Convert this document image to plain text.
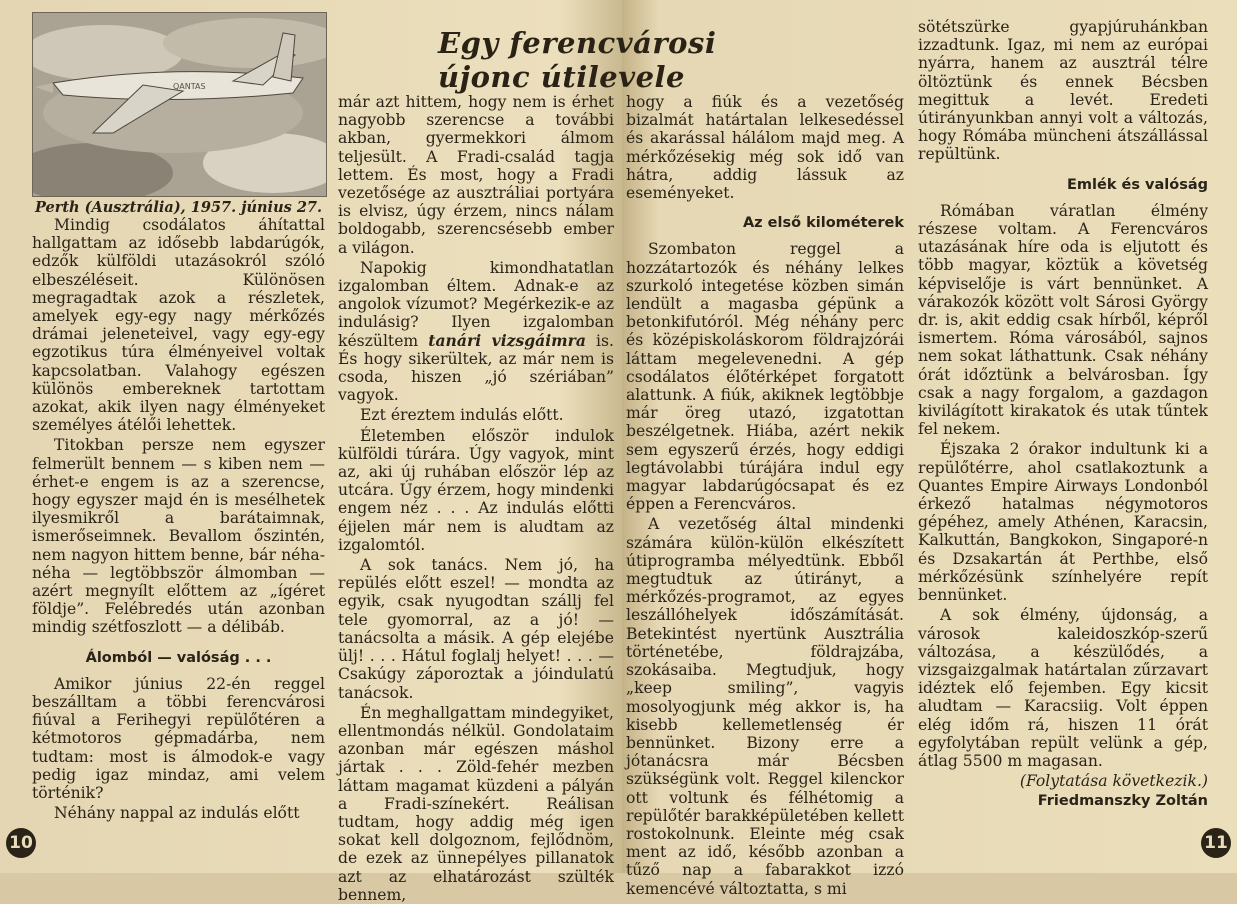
QANTAS
Perth (Ausztrália), 1957. június 27.
Egy ferencvárosi újonc útilevele

Mindig csodálatos áhítattal hallgattam az idősebb labdarúgók, edzők külföldi utazásokról szóló elbeszéléseit. Különösen megragadtak azok a részletek, amelyek egy-egy nagy mérkőzés drámai jeleneteivel, vagy egy-egy egzotikus túra élményeivel voltak kapcsolatban. Valahogy egészen különös embereknek tartottam azokat, akik ilyen nagy élményeket személyes átélői lehettek.

Titokban persze nem egyszer felmerült bennem — s kiben nem — érhet-e engem is az a szerencse, hogy egyszer majd én is mesélhetek ilyesmikről a barátaimnak, ismerőseimnek. Bevallom őszintén, nem nagyon hittem benne, bár néha-néha — legtöbbször álmomban — azért megnyílt előttem az „ígéret földje”. Felébredés után azonban mindig szétfoszlott — a délibáb.

Álomból — valóság . . .

Amikor június 22-én reggel beszálltam a többi ferencvárosi fiúval a Ferihegyi repülőtéren a kétmotoros gépmadárba, nem tudtam: most is álmodok-e vagy pedig igaz mindaz, ami velem történik?

Néhány nappal az indulás előtt

már azt hittem, hogy nem is érhet nagyobb szerencse a további akban, gyermekkori álmom teljesült. A Fradi-család tagja lettem. És most, hogy a Fradi vezetősége az ausztráliai portyára is elvisz, úgy érzem, nincs nálam boldogabb, szerencsésebb ember a világon.

Napokig kimondhatatlan izgalomban éltem. Adnak-e az angolok vízumot? Megérkezik-e az indulásig? Ilyen izgalomban készültem tanári vizsgáimra is. És hogy sikerültek, az már nem is csoda, hiszen „jó szériában” vagyok.

Ezt éreztem indulás előtt.

Életemben először indulok külföldi túrára. Úgy vagyok, mint az, aki új ruhában először lép az utcára. Úgy érzem, hogy mindenki engem néz . . . Az indulás előtti éjjelen már nem is aludtam az izgalomtól.

A sok tanács. Nem jó, ha repülés előtt eszel! — mondta az egyik, csak nyugodtan szállj fel tele gyomorral, az a jó! — tanácsolta a másik. A gép elejébe ülj! . . . Hátul foglalj helyet! . . . — Csakúgy záporoztak a jóindulatú tanácsok.

Én meghallgattam mindegyiket, ellentmondás nélkül. Gondolataim azonban már egészen máshol jártak . . . Zöld-fehér mezben láttam magamat küzdeni a pályán a Fradi-színekért. Reálisan tudtam, hogy addig még igen sokat kell dolgoznom, fejlődnöm, de ezek az ünnepélyes pillanatok azt az elhatározást szülték bennem,

hogy a fiúk és a vezetőség bizalmát határtalan lelkesedéssel és akarással hálálom majd meg. A mérkőzésekig még sok idő van hátra, addig lássuk az eseményeket.

Az első kilométerek

Szombaton reggel a hozzátartozók és néhány lelkes szurkoló integetése közben simán lendült a magasba gépünk a betonkifutóról. Még néhány perc és középiskoláskorom földrajzórái láttam megelevenedni. A gép csodálatos élőtérképet forgatott alattunk. A fiúk, akiknek legtöbbje már öreg utazó, izgatottan beszélgetnek. Hiába, azért nekik sem egyszerű érzés, hogy eddigi legtávolabbi túrájára indul egy magyar labdarúgócsapat és ez éppen a Ferencváros.

A vezetőség által mindenki számára külön-külön elkészített útiprogramba mélyedtünk. Ebből megtudtuk az útirányt, a mérkőzés-programot, az egyes leszállóhelyek időszámítását. Betekintést nyertünk Ausztrália történetébe, földrajzába, szokásaiba. Megtudjuk, hogy „keep smiling”, vagyis mosolyogjunk még akkor is, ha kisebb kellemetlenség ér bennünket. Bizony erre a jótanácsra már Bécsben szükségünk volt. Reggel kilenckor ott voltunk és félhétomig a repülőtér barakképületében kellett rostokolnunk. Eleinte még csak ment az idő, később azonban a tűző nap a fabarakkot izzó kemencévé változtatta, s mi

sötétszürke gyapjúruhánkban izzadtunk. Igaz, mi nem az európai nyárra, hanem az ausztrál télre öltöztünk és ennek Bécsben megittuk a levét. Eredeti útirányunkban annyi volt a változás, hogy Rómába müncheni átszállással repültünk.

Emlék és valóság

Rómában váratlan élmény részese voltam. A Ferencváros utazásának híre oda is eljutott és több magyar, köztük a követség képviselője is várt bennünket. A várakozók között volt Sárosi György dr. is, akit eddig csak hírből, képről ismertem. Róma városából, sajnos nem sokat láthattunk. Csak néhány órát időztünk a belvárosban. Így csak a nagy forgalom, a gazdagon kivilágított kirakatok és utak tűntek fel nekem.

Éjszaka 2 órakor indultunk ki a repülőtérre, ahol csatlakoztunk a Quantes Empire Airways Londonból érkező hatalmas négymotoros gépéhez, amely Athénen, Karacsin, Kalkuttán, Bangkokon, Singaporé-n és Dzsakartán át Perthbe, első mérkőzésünk színhelyére repít bennünket.

A sok élmény, újdonság, a városok kaleidoszkóp-szerű változása, a készülődés, a vizsgaizgalmak határtalan zűrzavart idéztek elő fejemben. Egy kicsit aludtam — Karacsiig. Volt éppen elég időm rá, hiszen 11 órát egyfolytában repült velünk a gép, átlag 5500 m magasan.

(Folytatása következik.)

Friedmanszky Zoltán

10	11
